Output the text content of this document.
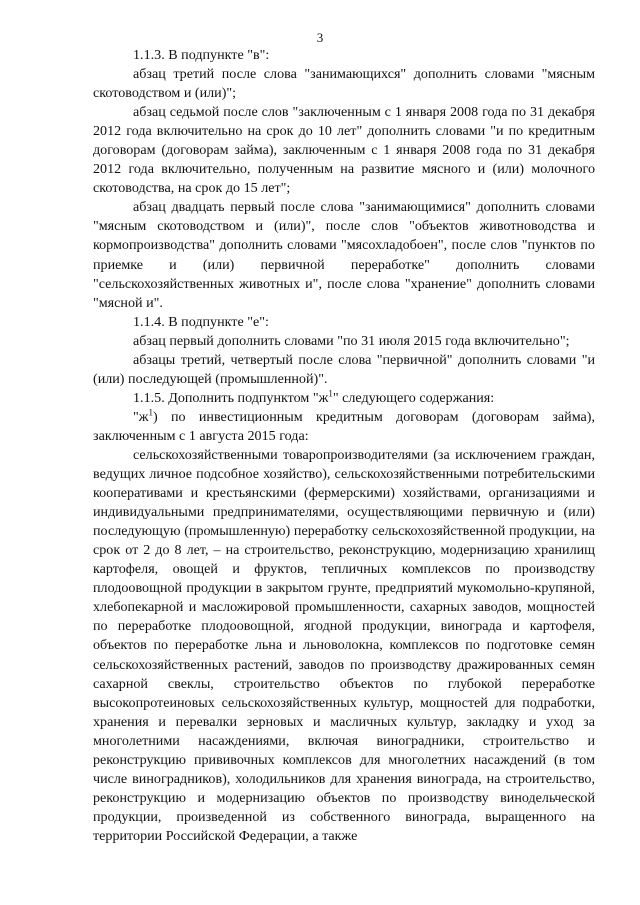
3

1.1.3. В подпункте "в":

абзац третий после слова "занимающихся" дополнить словами "мясным скотоводством и (или)";

абзац седьмой после слов "заключенным с 1 января 2008 года по 31 декабря 2012 года включительно на срок до 10 лет" дополнить словами "и по кредитным договорам (договорам займа), заключенным с 1 января 2008 года по 31 декабря 2012 года включительно, полученным на развитие мясного и (или) молочного скотоводства, на срок до 15 лет";

абзац двадцать первый после слова "занимающимися" дополнить словами "мясным скотоводством и (или)", после слов "объектов животноводства и кормопроизводства" дополнить словами "мясохладобоен", после слов "пунктов по приемке и (или) первичной переработке" дополнить словами "сельскохозяйственных животных и", после слова "хранение" дополнить словами "мясной и".

1.1.4. В подпункте "е":

абзац первый дополнить словами "по 31 июля 2015 года включительно";

абзацы третий, четвертый после слова "первичной" дополнить словами "и (или) последующей (промышленной)".

1.1.5. Дополнить подпунктом "ж$^1$" следующего содержания:

"ж$^1$) по инвестиционным кредитным договорам (договорам займа), заключенным с 1 августа 2015 года:

сельскохозяйственными товаропроизводителями (за исключением граждан, ведущих личное подсобное хозяйство), сельскохозяйственными потребительскими кооперативами и крестьянскими (фермерскими) хозяйствами, организациями и индивидуальными предпринимателями, осуществляющими первичную и (или) последующую (промышленную) переработку сельскохозяйственной продукции, на срок от 2 до 8 лет, – на строительство, реконструкцию, модернизацию хранилищ картофеля, овощей и фруктов, тепличных комплексов по производству плодоовощной продукции в закрытом грунте, предприятий мукомольно-крупяной, хлебопекарной и масложировой промышленности, сахарных заводов, мощностей по переработке плодоовощной, ягодной продукции, винограда и картофеля, объектов по переработке льна и льноволокна, комплексов по подготовке семян сельскохозяйственных растений, заводов по производству дражированных семян сахарной свеклы, строительство объектов по глубокой переработке высокопротеиновых сельскохозяйственных культур, мощностей для подработки, хранения и перевалки зерновых и масличных культур, закладку и уход за многолетними насаждениями, включая виноградники, строительство и реконструкцию прививочных комплексов для многолетних насаждений (в том числе виноградников), холодильников для хранения винограда, на строительство, реконструкцию и модернизацию объектов по производству винодельческой продукции, произведенной из собственного винограда, выращенного на территории Российской Федерации, а также
